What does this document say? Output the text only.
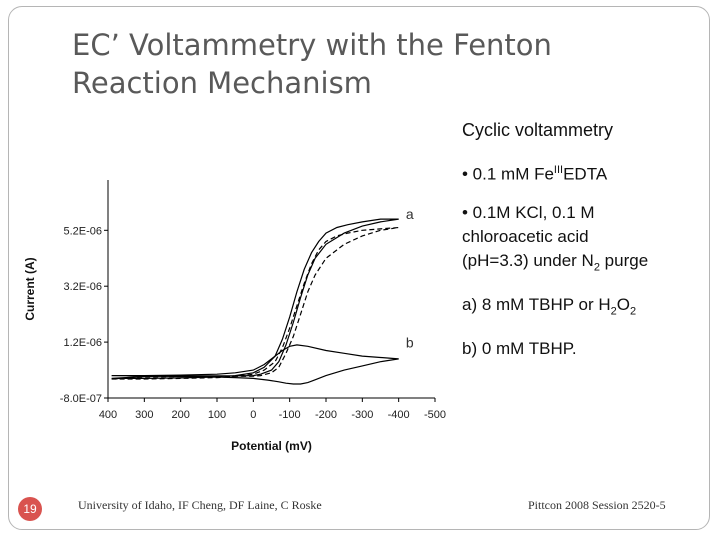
EC’ Voltammetry with the Fenton
Reaction Mechanism
400 300 200 100 0 -100 -200 -300 -400 -500
5.2E-06
3.2E-06
1.2E-06
-8.0E-07
Potential (mV)
Current (A)
a
b

Cyclic voltammetry

• 0.1 mM $Fe^{III}EDTA$

• 0.1M KCl, 0.1 M

chloroacetic acid

(pH=3.3) under $N_2$ purge

a) 8 mM TBHP or $H_2O_2$

b) 0 mM TBHP.

19	University of Idaho, IF Cheng, DF Laine, C Roske	Pittcon 2008 Session 2520-5
